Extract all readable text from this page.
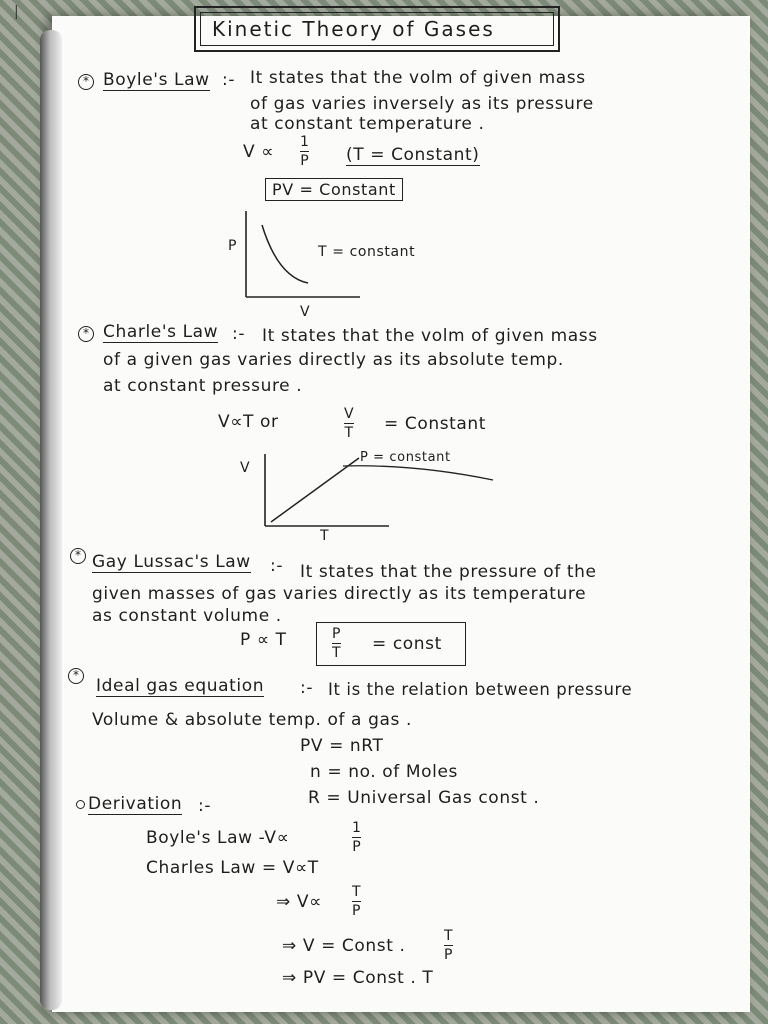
|
Kinetic Theory of Gases
* Boyle's Law :- It states that the volm of given mass
of gas varies inversely as its pressure
at constant temperature .
V ∝ 1
P (T = Constant)
PV = Constant
P
V
T = constant
* Charle's Law :- It states that the volm of given mass
of a given gas varies directly as its absolute temp.
at constant pressure .
V∝T or	V
T = Constant
V
T
P = constant
* Gay Lussac's Law :- It states that the pressure of the
given masses of gas varies directly as its temperature
as constant volume .
P ∝ T	P
T = const
*
Ideal gas equation :- It is the relation between pressure
Volume & absolute temp. of a gas .
PV = nRT
n = no. of Moles
R = Universal Gas const .
Derivation :-
Boyle's Law -V∝	1
P
Charles Law = V∝T
⇒ V∝ T
P
⇒ V = Const .	T
P
⇒ PV = Const . T
